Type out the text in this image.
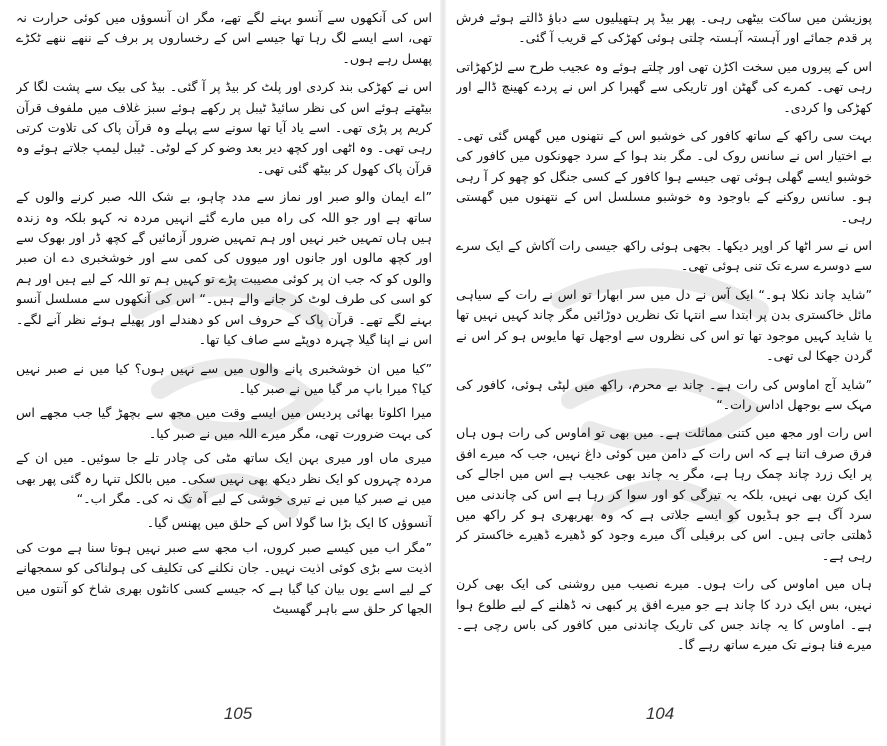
اس کی آنکھوں سے آنسو بہنے لگے تھے، مگر ان آنسوؤں میں کوئی حرارت نہ تھی، اسے ایسے لگ رہا تھا جیسے اس کے رخساروں پر برف کے ننھے ننھے ٹکڑے پھسل رہے ہوں۔

اس نے کھڑکی بند کردی اور پلٹ کر بیڈ پر آ گئی۔ بیڈ کی بیک سے پشت لگا کر بیٹھتے ہوئے اس کی نظر سائیڈ ٹیبل پر رکھے ہوئے سبز غلاف میں ملفوف قرآن کریم پر پڑی تھی۔ اسے یاد آیا تھا سونے سے پہلے وہ قرآن پاک کی تلاوت کرتی رہی تھی۔ وہ اٹھی اور کچھ دیر بعد وضو کر کے لوٹی۔ ٹیبل لیمپ جلاتے ہوئے وہ قرآن پاک کھول کر بیٹھ گئی تھی۔

”اے ایمان والو صبر اور نماز سے مدد چاہو، بے شک اللہ صبر کرنے والوں کے ساتھ ہے اور جو اللہ کی راہ میں مارے گئے انہیں مردہ نہ کہو بلکہ وہ زندہ ہیں ہاں تمہیں خبر نہیں اور ہم تمہیں ضرور آزمائیں گے کچھ ڈر اور بھوک سے اور کچھ مالوں اور جانوں اور میووں کی کمی سے اور خوشخبری دے ان صبر والوں کو کہ جب ان پر کوئی مصیبت پڑے تو کہیں ہم تو اللہ کے لیے ہیں اور ہم کو اسی کی طرف لوٹ کر جانے والے ہیں۔“ اس کی آنکھوں سے مسلسل آنسو بہنے لگے تھے۔ قرآن پاک کے حروف اس کو دھندلے اور پھیلے ہوئے نظر آنے لگے۔ اس نے اپنا گیلا چہرہ دوپٹے سے صاف کیا تھا۔

”کیا میں ان خوشخبری پانے والوں میں سے نہیں ہوں؟ کیا میں نے صبر نہیں کیا؟ میرا باپ مر گیا میں نے صبر کیا۔

میرا اکلوتا بھائی پردیس میں ایسے وقت میں مجھ سے بچھڑ گیا جب مجھے اس کی بہت ضرورت تھی، مگر میرے اللہ میں نے صبر کیا۔

میری ماں اور میری بہن ایک ساتھ مٹی کی چادر تلے جا سوئیں۔ میں ان کے مردہ چہروں کو ایک نظر دیکھ بھی نہیں سکی۔ میں بالکل تنہا رہ گئی پھر بھی میں نے صبر کیا میں نے تیری خوشی کے لیے آہ تک نہ کی۔ مگر اب۔“

آنسوؤں کا ایک بڑا سا گولا اس کے حلق میں پھنس گیا۔

”مگر اب میں کیسے صبر کروں، اب مجھ سے صبر نہیں ہوتا سنا ہے موت کی اذیت سے بڑی کوئی اذیت نہیں۔ جان نکلنے کی تکلیف کی ہولناکی کو سمجھانے کے لیے اسے یوں بیان کیا گیا ہے کہ جیسے کسی کانٹوں بھری شاخ کو آنتوں میں الجھا کر حلق سے باہر گھسیٹ

پوزیشن میں ساکت بیٹھی رہی۔ پھر بیڈ پر ہتھیلیوں سے دباؤ ڈالتے ہوئے فرش پر قدم جمائے اور آہستہ آہستہ چلتی ہوئی کھڑکی کے قریب آ گئی۔

اس کے پیروں میں سخت اکڑن تھی اور چلتے ہوئے وہ عجیب طرح سے لڑکھڑاتی رہی تھی۔ کمرے کی گھٹن اور تاریکی سے گھبرا کر اس نے پردے کھینچ ڈالے اور کھڑکی وا کردی۔

بہت سی راکھ کے ساتھ کافور کی خوشبو اس کے نتھنوں میں گھس گئی تھی۔ بے اختیار اس نے سانس روک لی۔ مگر بند ہوا کے سرد جھونکوں میں کافور کی خوشبو ایسے گھلی ہوئی تھی جیسے ہوا کافور کے کسی جنگل کو چھو کر آ رہی ہو۔ سانس روکنے کے باوجود وہ خوشبو مسلسل اس کے نتھنوں میں گھستی رہی۔

اس نے سر اٹھا کر اوپر دیکھا۔ بجھی ہوئی راکھ جیسی رات آکاش کے ایک سرے سے دوسرے سرے تک تنی ہوئی تھی۔

”شاید چاند نکلا ہو۔“ ایک آس نے دل میں سر ابھارا تو اس نے رات کے سیاہی مائل خاکستری بدن پر ابتدا سے انتہا تک نظریں دوڑائیں مگر چاند کہیں نہیں تھا یا شاید کہیں موجود تھا تو اس کی نظروں سے اوجھل تھا مایوس ہو کر اس نے گردن جھکا لی تھی۔

”شاید آج اماوس کی رات ہے۔ چاند بے محرم، راکھ میں لپٹی ہوئی، کافور کی مہک سے بوجھل اداس رات۔“

اس رات اور مجھ میں کتنی مماثلت ہے۔ میں بھی تو اماوس کی رات ہوں ہاں فرق صرف اتنا ہے کہ اس رات کے دامن میں کوئی داغ نہیں، جب کہ میرے افق پر ایک زرد چاند چمک رہا ہے، مگر یہ چاند بھی عجیب ہے اس میں اجالے کی ایک کرن بھی نہیں، بلکہ یہ تیرگی کو اور سوا کر رہا ہے اس کی چاندنی میں سرد آگ ہے جو ہڈیوں کو ایسے جلاتی ہے کہ وہ بھربھری ہو کر راکھ میں ڈھلتی جاتی ہیں۔ اس کی برفیلی آگ میرے وجود کو ڈھیرے ڈھیرے خاکستر کر رہی ہے۔

ہاں میں اماوس کی رات ہوں۔ میرے نصیب میں روشنی کی ایک بھی کرن نہیں، بس ایک درد کا چاند ہے جو میرے افق پر کبھی نہ ڈھلنے کے لیے طلوع ہوا ہے۔ اماوس کا یہ چاند جس کی تاریک چاندنی میں کافور کی باس رچی ہے۔ میرے فنا ہونے تک میرے ساتھ رہے گا۔

105	104
